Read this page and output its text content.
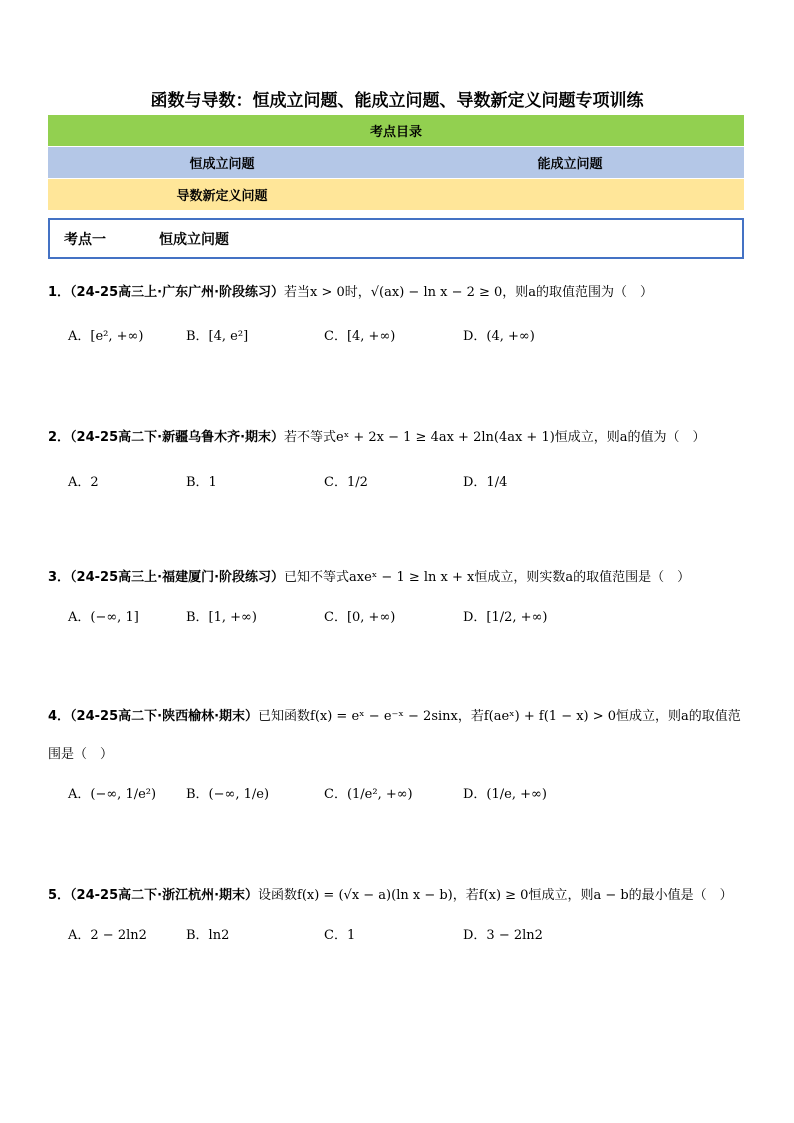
函数与导数：恒成立问题、能成立问题、导数新定义问题专项训练
考点目录
恒成立问题	能成立问题
导数新定义问题
考点一	恒成立问题
1．（24-25高三上·广东广州·阶段练习）若当x > 0时，√(ax) − ln x − 2 ≥ 0，则a的取值范围为（　）
A．[e², +∞)	B．[4, e²]	C．[4, +∞)	D．(4, +∞)
2．（24-25高二下·新疆乌鲁木齐·期末）若不等式eˣ + 2x − 1 ≥ 4ax + 2ln(4ax + 1)恒成立，则a的值为（　）
A．2	B．1	C．1/2	D．1/4
3．（24-25高三上·福建厦门·阶段练习）已知不等式axeˣ − 1 ≥ ln x + x恒成立，则实数a的取值范围是（　）
A．(−∞, 1]	B．[1, +∞)	C．[0, +∞)	D．[1/2, +∞)
4．（24-25高二下·陕西榆林·期末）已知函数f(x) = eˣ − e⁻ˣ − 2sinx，若f(aeˣ) + f(1 − x) > 0恒成立，则a的取值范
围是（　）
A．(−∞, 1/e²) B．(−∞, 1/e)	C．(1/e², +∞)	D．(1/e, +∞)
5．（24-25高二下·浙江杭州·期末）设函数f(x) = (√x − a)(ln x − b)，若f(x) ≥ 0恒成立，则a − b的最小值是（　）
A．2 − 2ln2	B．ln2	C．1	D．3 − 2ln2
